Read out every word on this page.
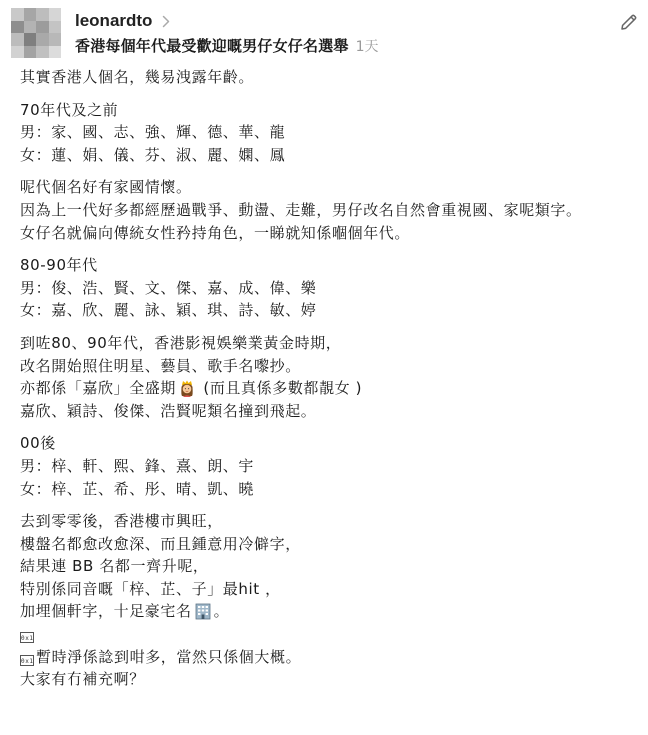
leonardto
香港每個年代最受歡迎嘅男仔女仔名選舉 1天
其實香港人個名，幾易洩露年齡。
70年代及之前
男：家、國、志、強、輝、德、華、龍
女：蓮、娟、儀、芬、淑、麗、嫻、鳳
呢代個名好有家國情懷。
因為上一代好多都經歷過戰爭、動盪、走難，男仔改名自然會重視國、家呢類字。
女仔名就偏向傳統女性矜持角色，一睇就知係嗰個年代。
80-90年代
男：俊、浩、賢、文、傑、嘉、成、偉、樂
女：嘉、欣、麗、詠、穎、琪、詩、敏、婷
到咗80、90年代，香港影視娛樂業黃金時期，
改名開始照住明星、藝員、歌手名嚟抄。
亦都係「嘉欣」全盛期 (而且真係多數都靚女 )
嘉欣、穎詩、俊傑、浩賢呢類名撞到飛起。
00後
男：梓、軒、熙、鋒、熹、朗、宇
女：梓、芷、希、彤、晴、凱、曉
去到零零後，香港樓市興旺，
樓盤名都愈改愈深、而且鍾意用冷僻字，
結果連 BB 名都一齊升呢，
特別係同音嘅「梓、芷、子」最hit ，
加埋個軒字，十足豪宅名 。
0x1
0x1 暫時淨係諗到咁多，當然只係個大概。
大家有冇補充啊？
